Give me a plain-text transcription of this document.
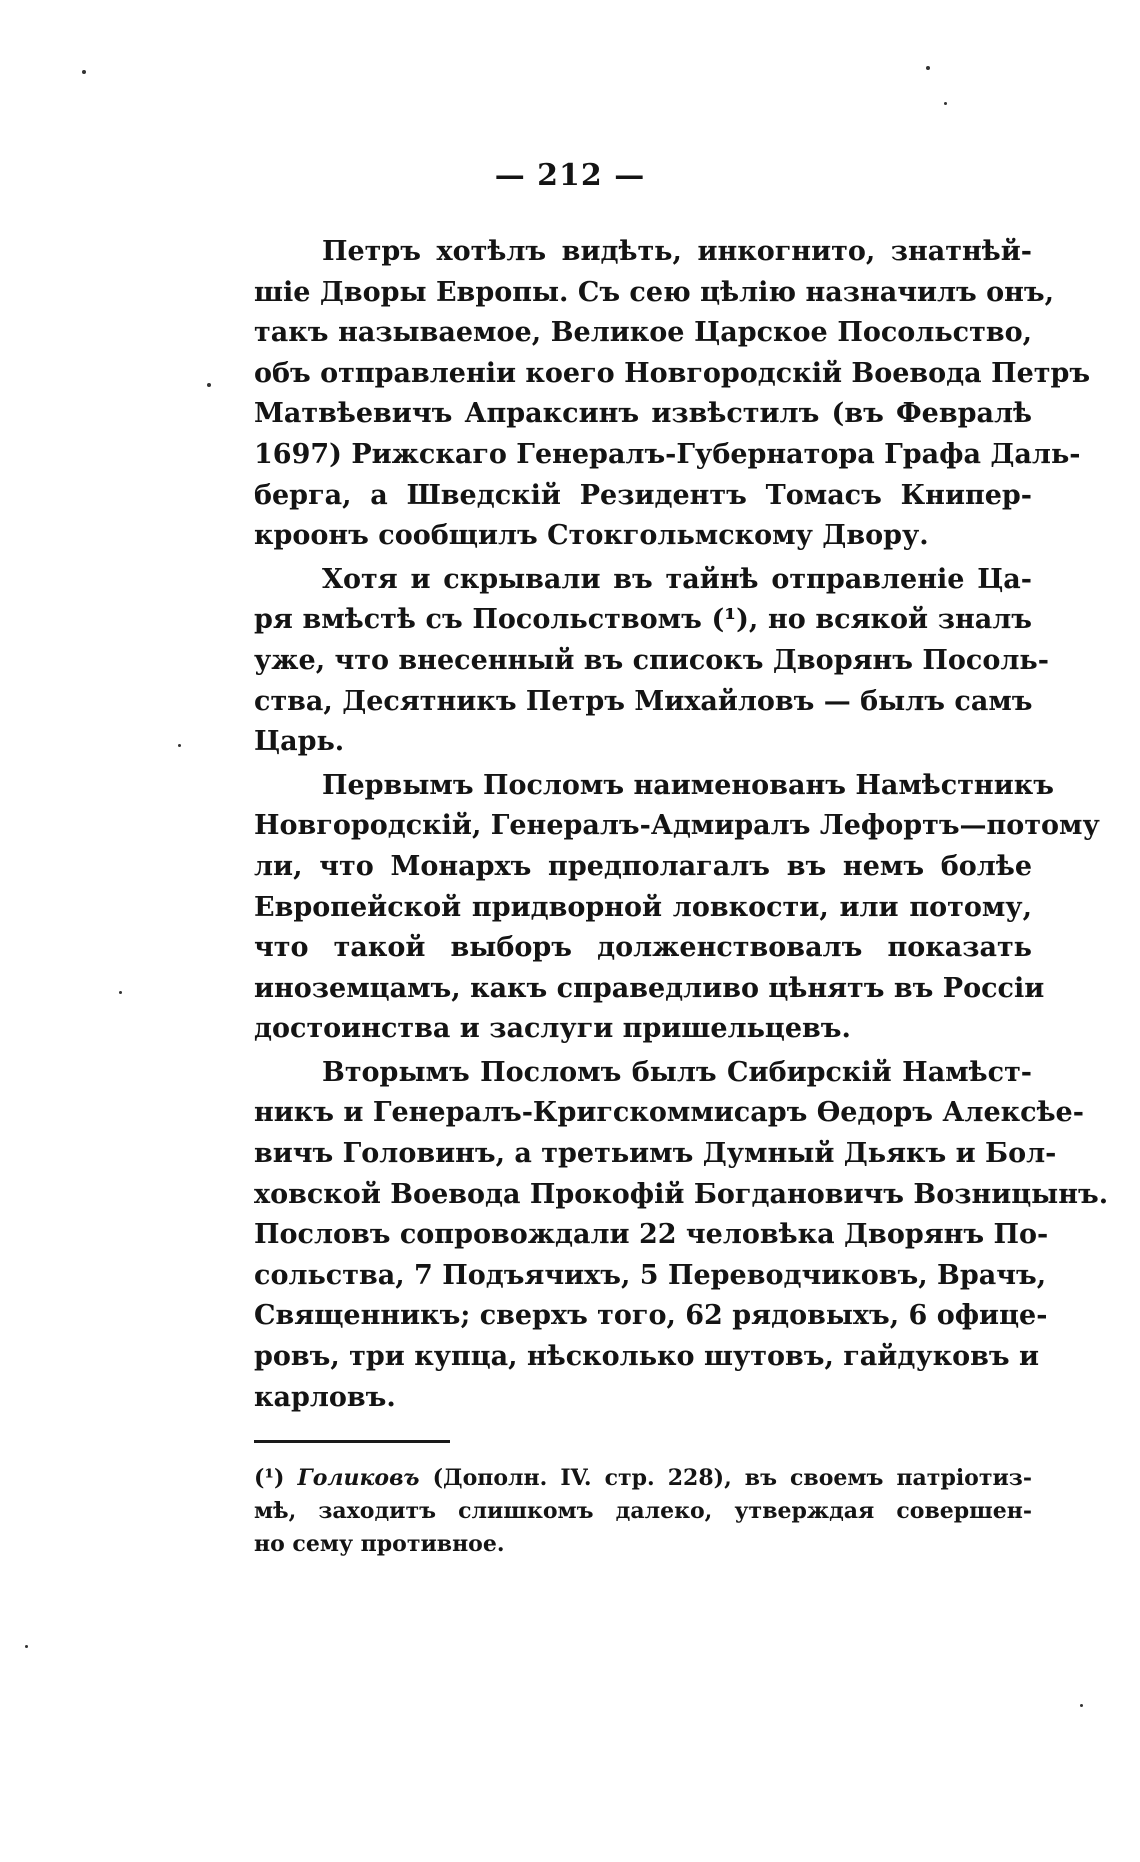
— 212 —
Петръ хотѣлъ видѣть, инкогнито, знатнѣй-
шіе Дворы Европы. Съ сею цѣлію назначилъ онъ,
такъ называемое, Великое Царское Посольство,
объ отправленіи коего Новгородскій Воевода Петръ
Матвѣевичъ Апраксинъ извѣстилъ (въ Февралѣ
1697) Рижскаго Генералъ-Губернатора Графа Даль-
берга, а Шведскій Резидентъ Томасъ Книпер-
кроонъ сообщилъ Стокгольмскому Двору.
Хотя и скрывали въ тайнѣ отправленіе Ца-
ря вмѣстѣ съ Посольствомъ (¹), но всякой зналъ
уже, что внесенный въ списокъ Дворянъ Посоль-
ства, Десятникъ Петръ Михайловъ — былъ самъ
Царь.
Первымъ Посломъ наименованъ Намѣстникъ
Новгородскій, Генералъ-Адмиралъ Лефортъ—потому
ли, что Монархъ предполагалъ въ немъ болѣе
Европейской придворной ловкости, или потому,
что такой выборъ долженствовалъ показать
иноземцамъ, какъ справедливо цѣнятъ въ Россіи
достоинства и заслуги пришельцевъ.
Вторымъ Посломъ былъ Сибирскій Намѣст-
никъ и Генералъ-Кригскоммисаръ Ѳедоръ Алексѣе-
вичъ Головинъ, а третьимъ Думный Дьякъ и Бол-
ховской Воевода Прокофій Богдановичъ Возницынъ.
Пословъ сопровождали 22 человѣка Дворянъ По-
сольства, 7 Подъячихъ, 5 Переводчиковъ, Врачъ,
Священникъ; сверхъ того, 62 рядовыхъ, 6 офице-
ровъ, три купца, нѣсколько шутовъ, гайдуковъ и
карловъ.
(¹) Голиковъ (Дополн. IV. стр. 228), въ своемъ патріотиз-
мѣ, заходитъ слишкомъ далеко, утверждая совершен-
но сему противное.
